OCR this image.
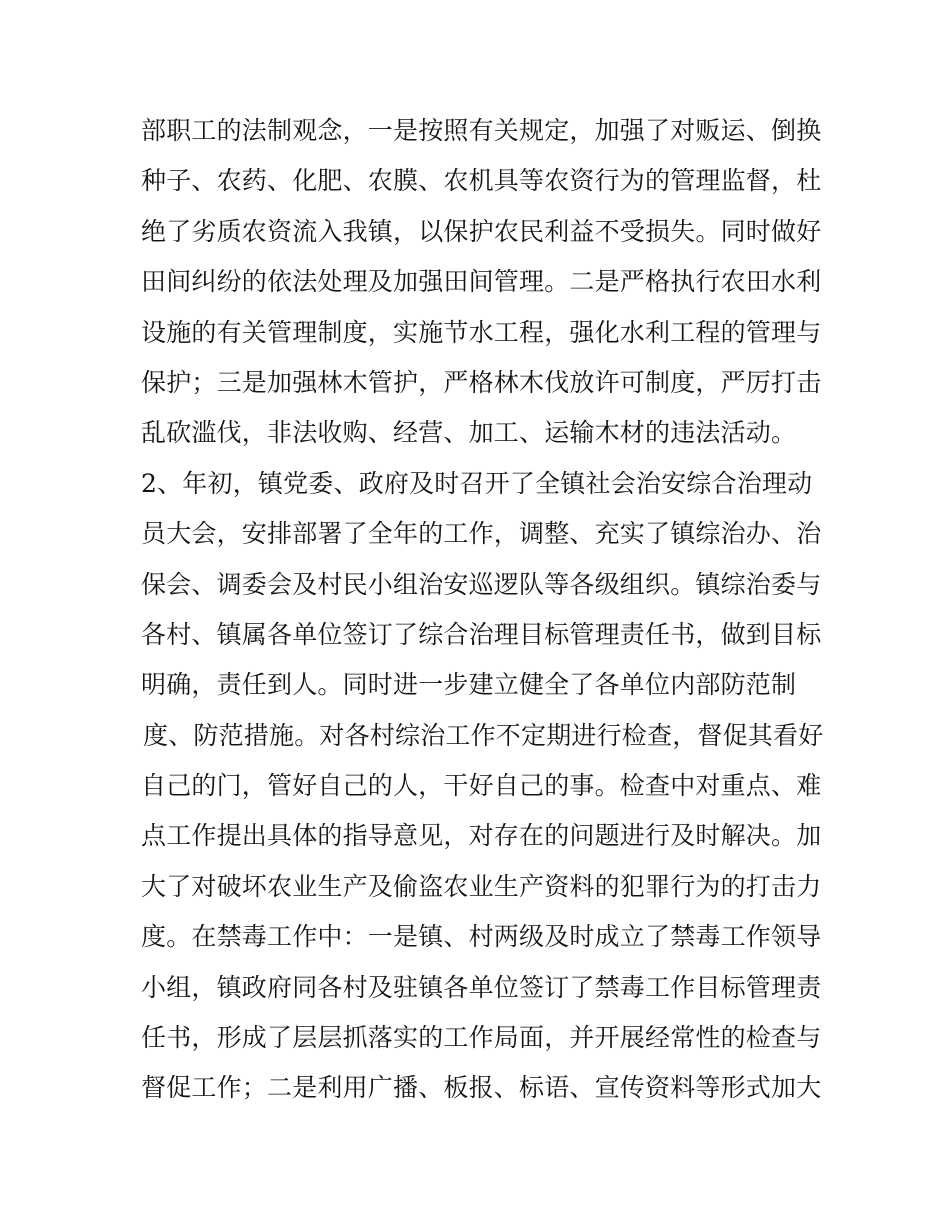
部职工的法制观念，一是按照有关规定，加强了对贩运、倒换
种子、农药、化肥、农膜、农机具等农资行为的管理监督，杜
绝了劣质农资流入我镇，以保护农民利益不受损失。同时做好
田间纠纷的依法处理及加强田间管理。二是严格执行农田水利
设施的有关管理制度，实施节水工程，强化水利工程的管理与
保护；三是加强林木管护，严格林木伐放许可制度，严厉打击
乱砍滥伐，非法收购、经营、加工、运输木材的违法活动。
2、年初，镇党委、政府及时召开了全镇社会治安综合治理动
员大会，安排部署了全年的工作，调整、充实了镇综治办、治
保会、调委会及村民小组治安巡逻队等各级组织。镇综治委与
各村、镇属各单位签订了综合治理目标管理责任书，做到目标
明确，责任到人。同时进一步建立健全了各单位内部防范制
度、防范措施。对各村综治工作不定期进行检查，督促其看好
自己的门，管好自己的人，干好自己的事。检查中对重点、难
点工作提出具体的指导意见，对存在的问题进行及时解决。加
大了对破坏农业生产及偷盗农业生产资料的犯罪行为的打击力
度。在禁毒工作中：一是镇、村两级及时成立了禁毒工作领导
小组，镇政府同各村及驻镇各单位签订了禁毒工作目标管理责
任书，形成了层层抓落实的工作局面，并开展经常性的检查与
督促工作；二是利用广播、板报、标语、宣传资料等形式加大
